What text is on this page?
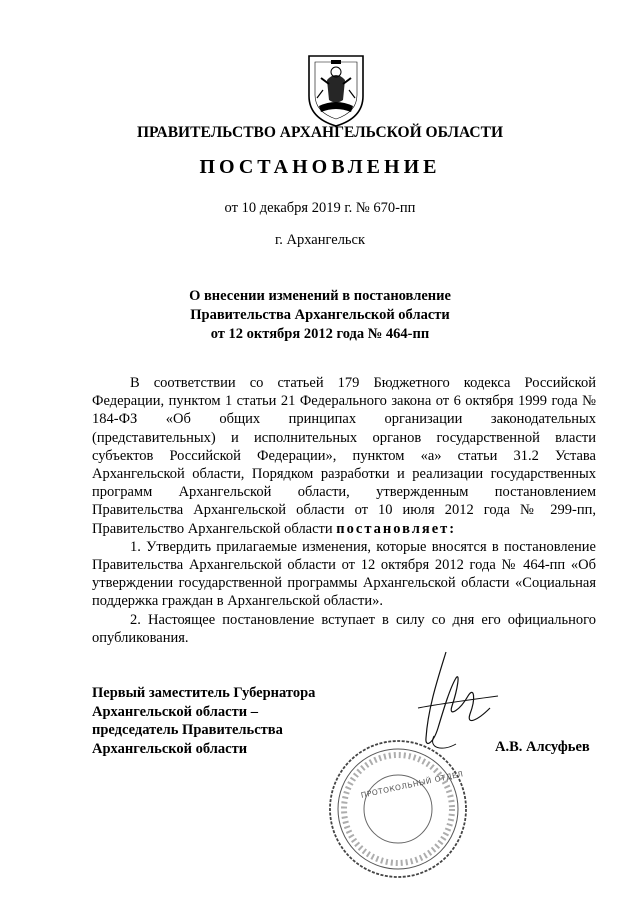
ПРАВИТЕЛЬСТВО АРХАНГЕЛЬСКОЙ ОБЛАСТИ
ПОСТАНОВЛЕНИЕ
от 10 декабря 2019 г. № 670-пп
г. Архангельск
О внесении изменений в постановление
Правительства Архангельской области
от 12 октября 2012 года № 464-пп

В соответствии со статьей 179 Бюджетного кодекса Российской Федерации, пунктом 1 статьи 21 Федерального закона от 6 октября 1999 года № 184-ФЗ «Об общих принципах организации законодательных (представительных) и исполнительных органов государственной власти субъектов Российской Федерации», пунктом «а» статьи 31.2 Устава Архангельской области, Порядком разработки и реализации государственных программ Архангельской области, утвержденным постановлением Правительства Архангельской области от 10 июля 2012 года № 299-пп, Правительство Архангельской области постановляет:

1. Утвердить прилагаемые изменения, которые вносятся в постановление Правительства Архангельской области от 12 октября 2012 года № 464-пп «Об утверждении государственной программы Архангельской области «Социальная поддержка граждан в Архангельской области».

2. Настоящее постановление вступает в силу со дня его официального опубликования.

ПРОТОКОЛЬНЫЙ ОТДЕЛ
Первый заместитель Губернатора
Архангельской области –
председатель Правительства
Архангельской области	А.В. Алсуфьев
